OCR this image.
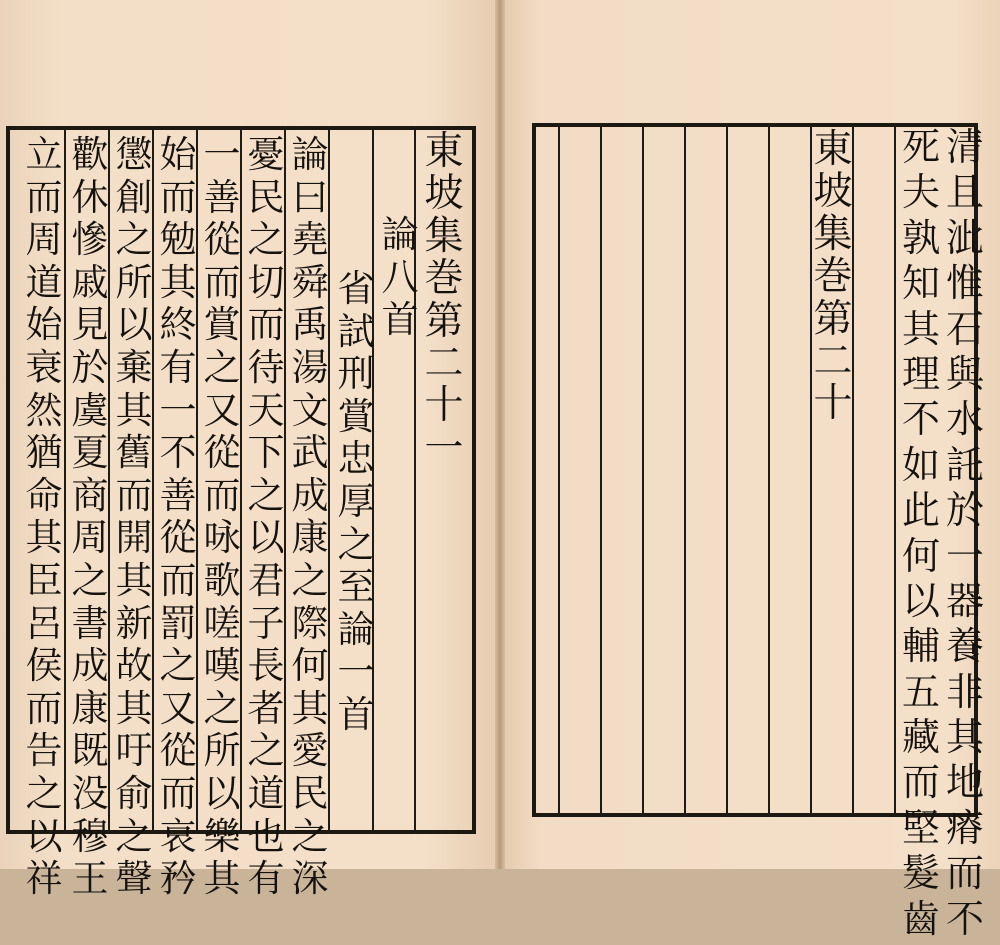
東
坡
集
巻
第
二
十
一
論
八
首
省
試
刑
賞
忠
厚
之
至
論
一
首
論
曰
堯
舜
禹
湯
文
武
成
康
之
際
何
其
愛
民
之
深
憂
民
之
切
而
待
天
下
之
以
君
子
長
者
之
道
也
有
一
善
從
而
賞
之
又
從
而
咏
歌
嗟
嘆
之
所
以
樂
其
始
而
勉
其
終
有
一
不
善
從
而
罰
之
又
從
而
哀
矜
懲
創
之
所
以
棄
其
舊
而
開
其
新
故
其
吁
俞
之
聲
歡
休
慘
戚
見
於
虞
夏
商
周
之
書
成
康
既
没
穆
王
立
而
周
道
始
衰
然
猶
命
其
臣
呂
侯
而
告
之
以
祥

清
且
泚
惟
石
與
水
託
於
一
器
養
非
其
地
瘠
而
不
死
夫
孰
知
其
理
不
如
此
何
以
輔
五
藏
而
堅
髮
齒
東
坡
集
巻
第
二
十
